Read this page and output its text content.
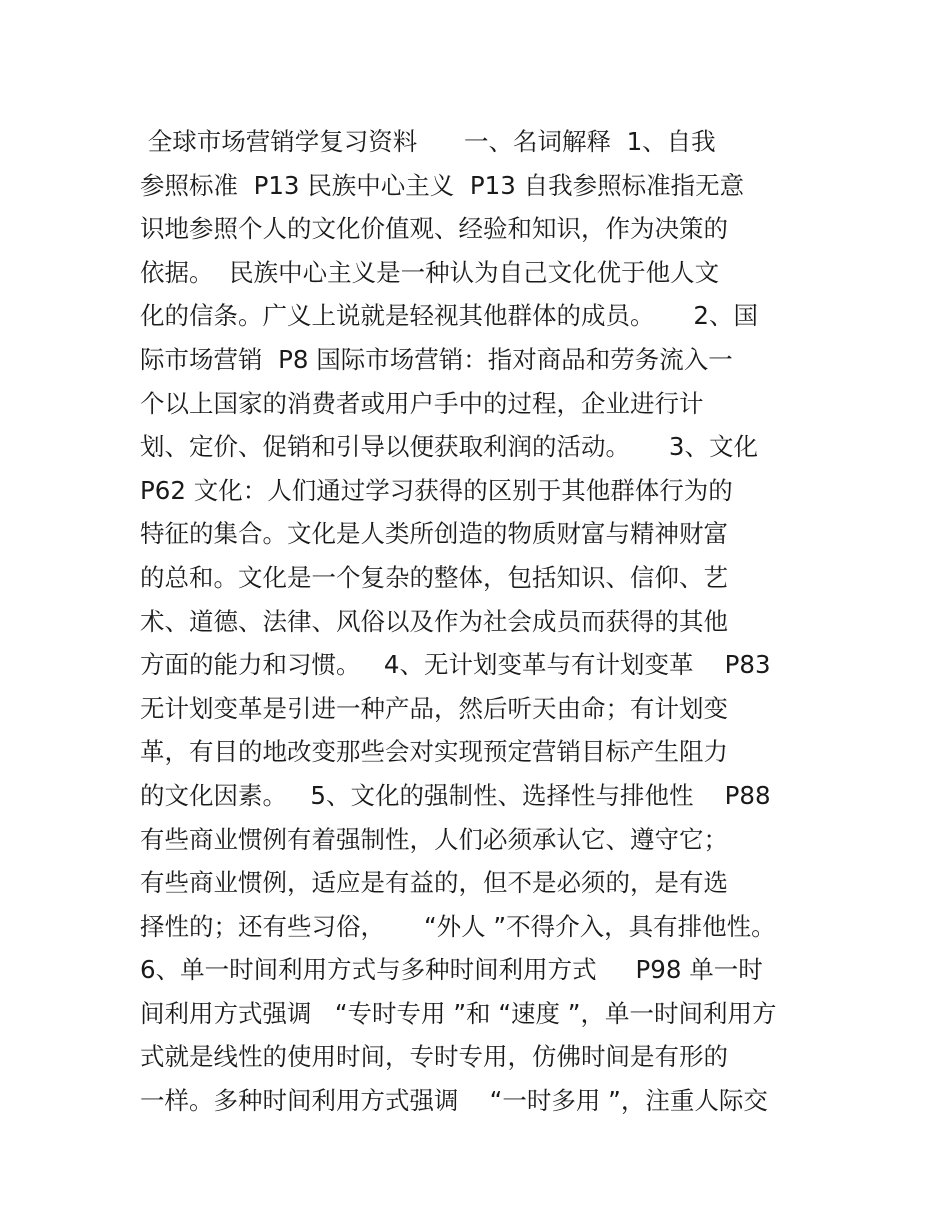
全球市场营销学复习资料      一、名词解释  1、自我
参照标准  P13 民族中心主义  P13 自我参照标准指无意
识地参照个人的文化价值观、经验和知识，作为决策的
依据。  民族中心主义是一种认为自己文化优于他人文
化的信条。广义上说就是轻视其他群体的成员。     2、国
际市场营销  P8 国际市场营销：指对商品和劳务流入一
个以上国家的消费者或用户手中的过程，企业进行计
划、定价、促销和引导以便获取利润的活动。     3、文化
P62 文化：人们通过学习获得的区别于其他群体行为的
特征的集合。文化是人类所创造的物质财富与精神财富
的总和。文化是一个复杂的整体，包括知识、信仰、艺
术、道德、法律、风俗以及作为社会成员而获得的其他
方面的能力和习惯。   4、无计划变革与有计划变革    P83
无计划变革是引进一种产品，然后听天由命；有计划变
革，有目的地改变那些会对实现预定营销目标产生阻力
的文化因素。   5、文化的强制性、选择性与排他性    P88
有些商业惯例有着强制性，人们必须承认它、遵守它；
有些商业惯例，适应是有益的，但不是必须的，是有选
择性的；还有些习俗，     “外人 ”不得介入，具有排他性。
6、单一时间利用方式与多种时间利用方式     P98 单一时
间利用方式强调   “专时专用 ”和 “速度 ”，单一时间利用方
式就是线性的使用时间，专时专用，仿佛时间是有形的
一样。多种时间利用方式强调    “一时多用 ”，注重人际交
